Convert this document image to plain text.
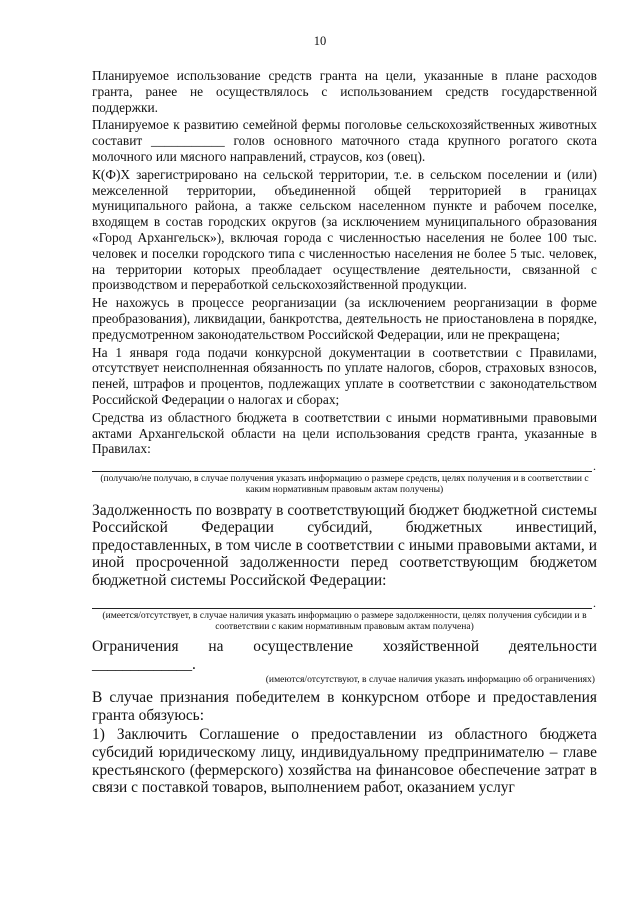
10

Планируемое использование средств гранта на цели, указанные в плане расходов гранта, ранее не осуществлялось с использованием средств государственной поддержки.

Планируемое к развитию семейной фермы поголовье сельскохозяйственных животных составит ___________ голов основного маточного стада крупного рогатого скота молочного или мясного направлений, страусов, коз (овец).

К(Ф)Х зарегистрировано на сельской территории, т.е. в сельском поселении и (или) межселенной территории, объединенной общей территорией в границах муниципального района, а также сельском населенном пункте и рабочем поселке, входящем в состав городских округов (за исключением муниципального образования «Город Архангельск»), включая города с численностью населения не более 100 тыс. человек и поселки городского типа с численностью населения не более 5 тыс. человек, на территории которых преобладает осуществление деятельности, связанной с производством и переработкой сельскохозяйственной продукции.

Не нахожусь в процессе реорганизации (за исключением реорганизации в форме преобразования), ликвидации, банкротства, деятельность не приостановлена в порядке, предусмотренном законодательством Российской Федерации, или не прекращена;

На 1 января года подачи конкурсной документации в соответствии с Правилами, отсутствует неисполненная обязанность по уплате налогов, сборов, страховых взносов, пеней, штрафов и процентов, подлежащих уплате в соответствии с законодательством Российской Федерации о налогах и сборах;

Средства из областного бюджета в соответствии с иными нормативными правовыми актами Архангельской области на цели использования средств гранта, указанные в Правилах:

.
(получаю/не получаю, в случае получения указать информацию о размере средств, целях получения и в соответствии с каким нормативным правовым актам получены)

Задолженность по возврату в соответствующий бюджет бюджетной системы Российской Федерации субсидий, бюджетных инвестиций, предоставленных, в том числе в соответствии с иными правовыми актами, и иной просроченной задолженности перед соответствующим бюджетом бюджетной системы Российской Федерации:

.
(имеется/отсутствует, в случае наличия указать информацию о размере задолженности, целях получения субсидии и в соответствии с каким нормативным правовым актам получена)

Ограничения на осуществление хозяйственной деятельности _____________.

(имеются/отсутствуют, в случае наличия указать информацию об ограничениях)

В случае признания победителем в конкурсном отборе и предоставления гранта обязуюсь:

1) Заключить Соглашение о предоставлении из областного бюджета субсидий юридическому лицу, индивидуальному предпринимателю – главе крестьянского (фермерского) хозяйства на финансовое обеспечение затрат в связи с поставкой товаров, выполнением работ, оказанием услуг
